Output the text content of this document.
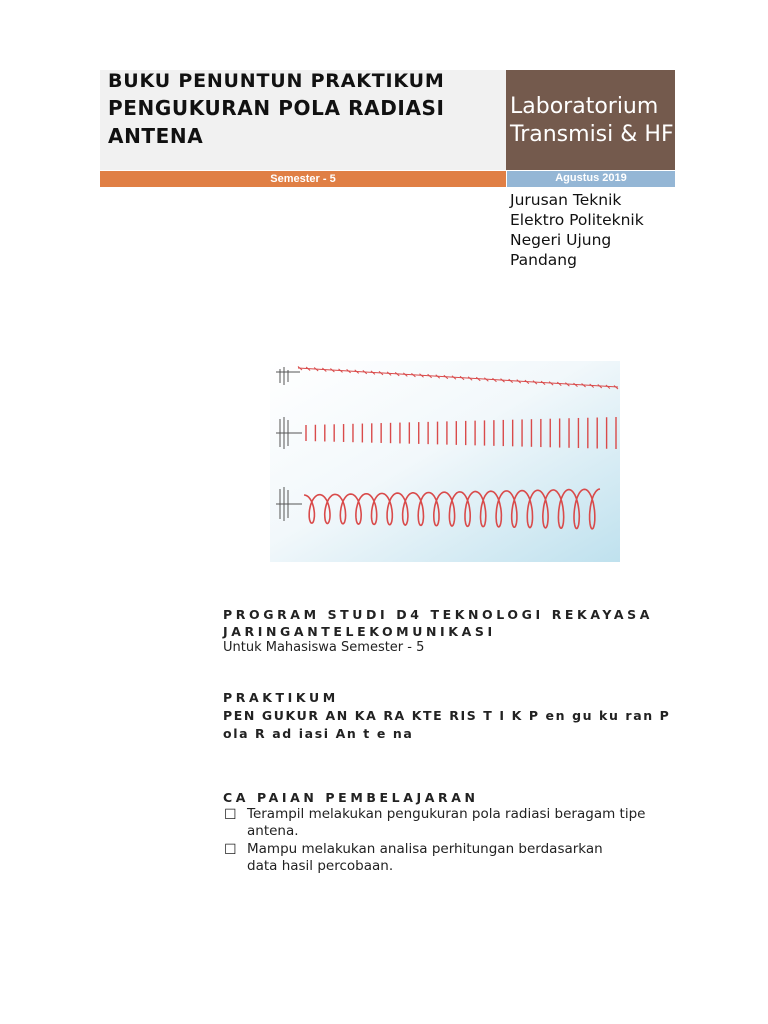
BUKU PENUNTUN PRAKTIKUM
PENGUKURAN POLA RADIASI
ANTENA
Laboratorium
Transmisi & HF
Semester - 5	Agustus 2019
Jurusan Teknik
Elektro Politeknik
Negeri Ujung
Pandang
PROGRAM STUDI D4 TEKNOLOGI REKAYASA
JARINGANTELEKOMUNIKASI
Untuk Mahasiswa Semester - 5
PRAKTIKUM
PEN GUKUR AN KA RA KTE RIS T I K P en gu ku ran P
ola R ad iasi An t e na
CA PAIAN PEMBELAJARAN
☐ Terampil melakukan pengukuran pola radiasi beragam tipe
antena.
☐ Mampu melakukan analisa perhitungan berdasarkan
data hasil percobaan.
